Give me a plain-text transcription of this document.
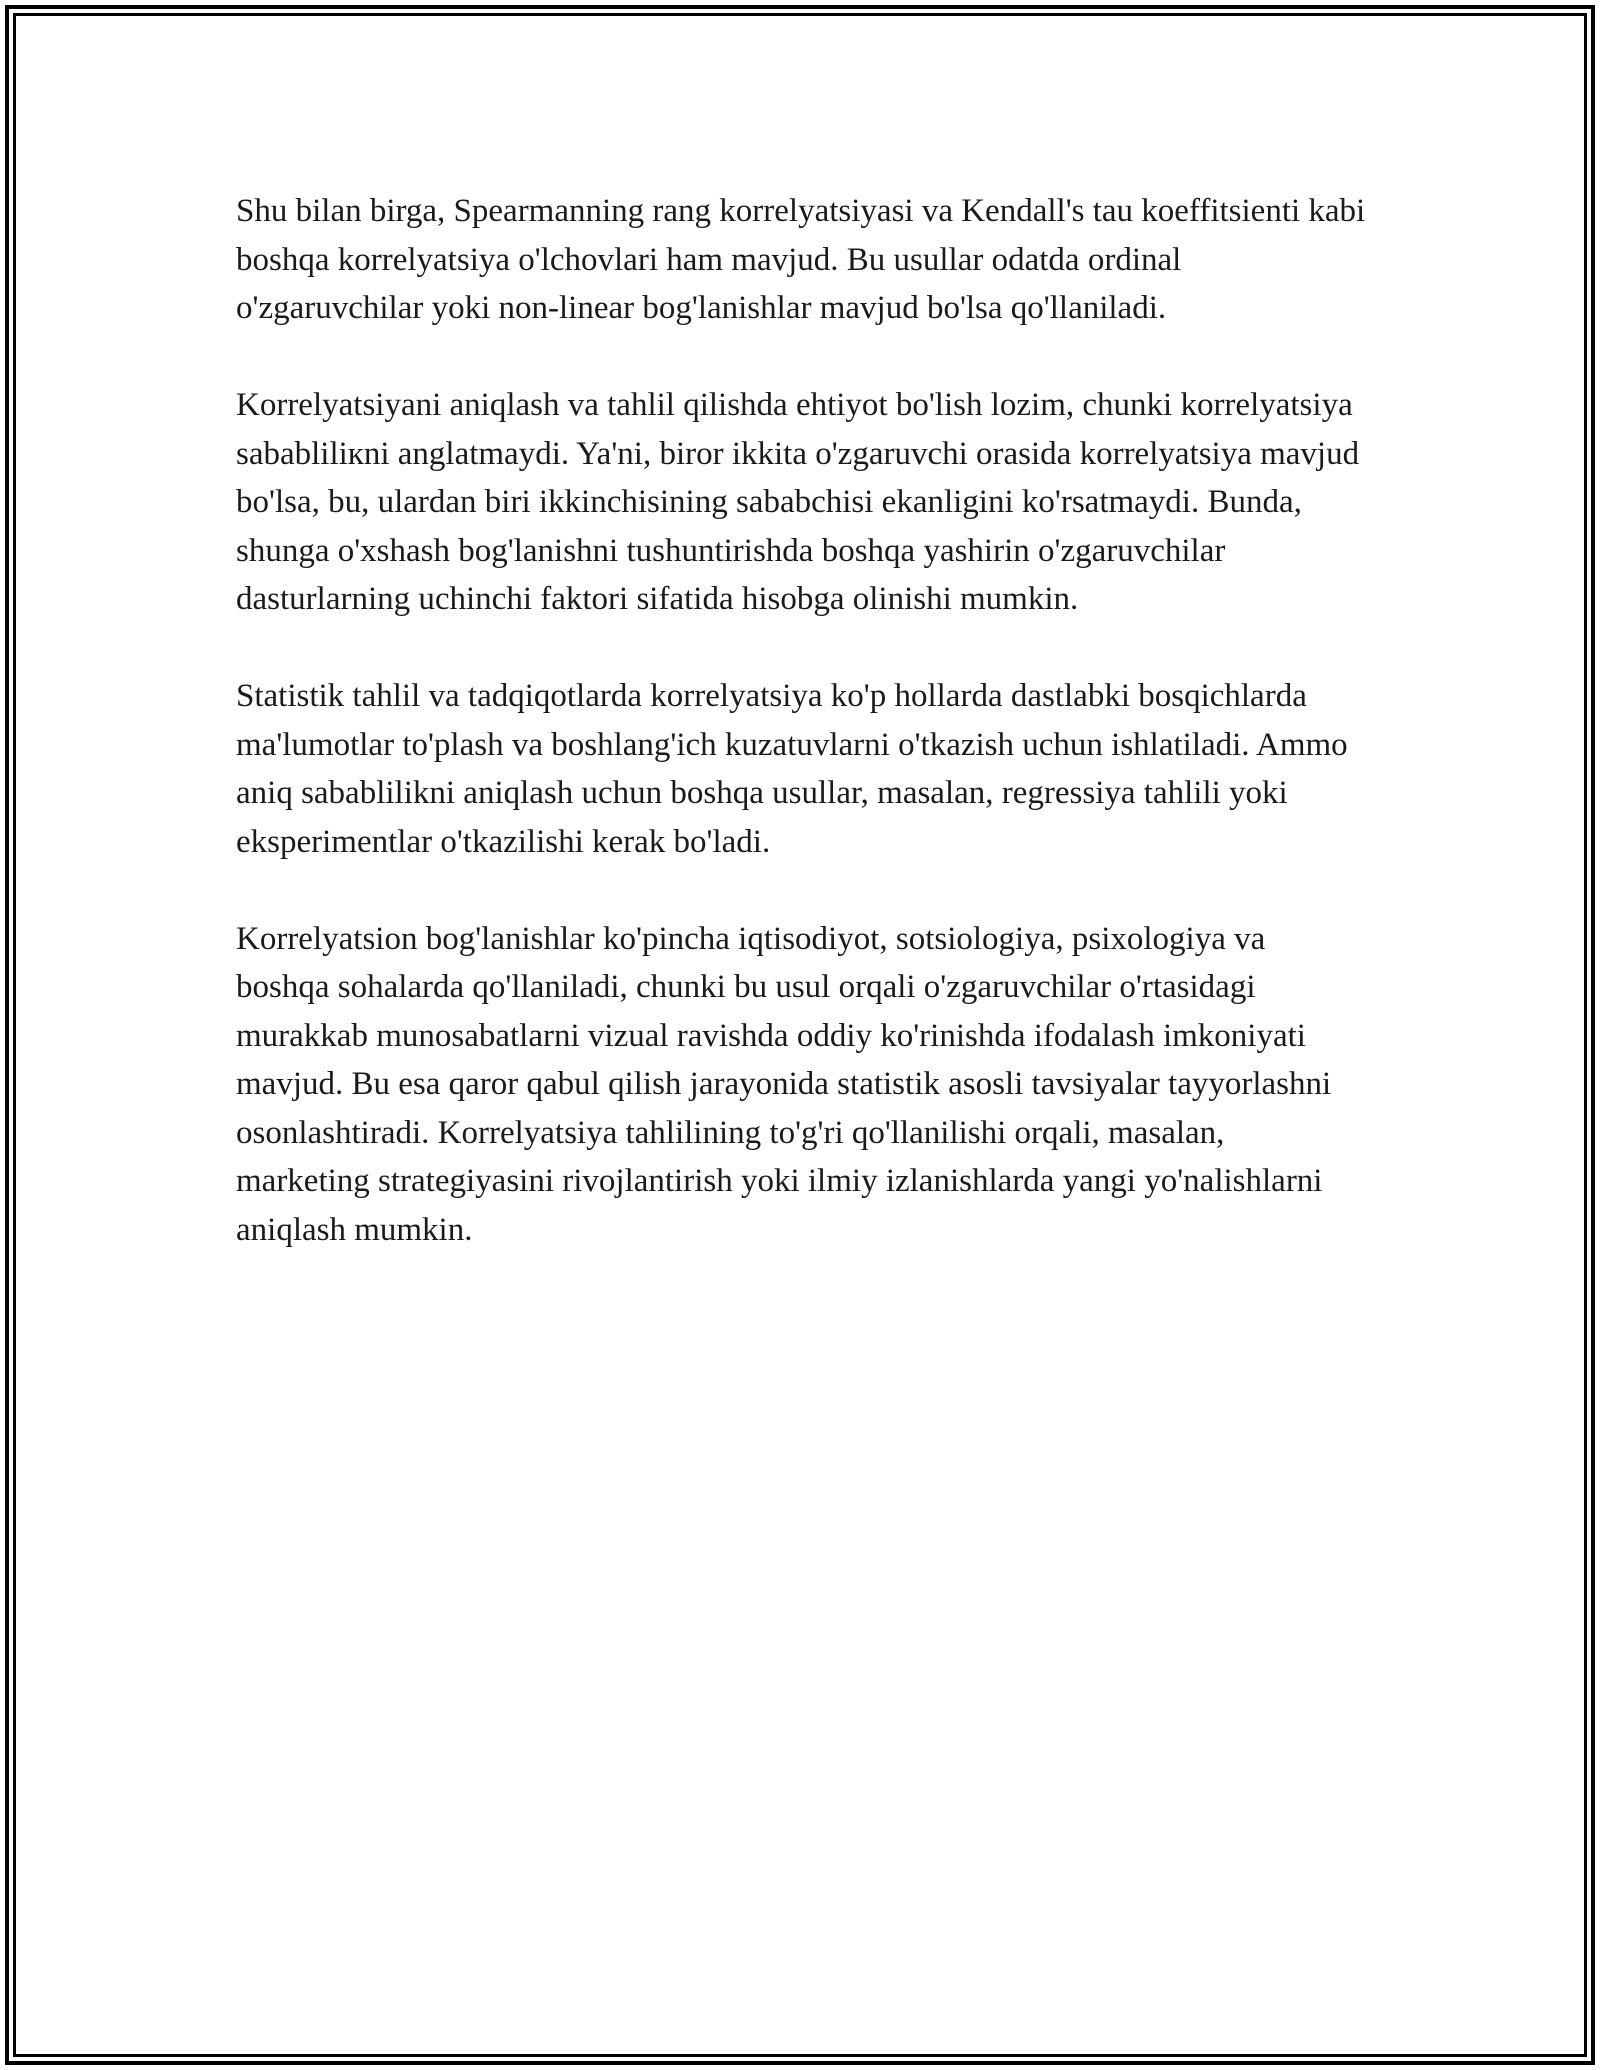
Shu bilan birga, Spearmanning rang korrelyatsiyasi va Kendall's tau koeffitsienti kabi boshqa korrelyatsiya o'lchovlari ham mavjud. Bu usullar odatda ordinal o'zgaruvchilar yoki non-linear bog'lanishlar mavjud bo'lsa qo'llaniladi.

Korrelyatsiyani aniqlash va tahlil qilishda ehtiyot bo'lish lozim, chunki korrelyatsiya sababliliкni anglatmaydi. Ya'ni, biror ikkita o'zgaruvchi orasida korrelyatsiya mavjud bo'lsa, bu, ulardan biri ikkinchisining sababchisi ekanligini ko'rsatmaydi. Bunda, shunga o'xshash bog'lanishni tushuntirishda boshqa yashirin o'zgaruvchilar dasturlarning uchinchi faktori sifatida hisobga olinishi mumkin.

Statistik tahlil va tadqiqotlarda korrelyatsiya ko'p hollarda dastlabki bosqichlarda ma'lumotlar to'plash va boshlang'ich kuzatuvlarni o'tkazish uchun ishlatiladi. Ammo aniq sabablilikni aniqlash uchun boshqa usullar, masalan, regressiya tahlili yoki eksperimentlar o'tkazilishi kerak bo'ladi.

Korrelyatsion bog'lanishlar ko'pincha iqtisodiyot, sotsiologiya, psixologiya va boshqa sohalarda qo'llaniladi, chunki bu usul orqali o'zgaruvchilar o'rtasidagi murakkab munosabatlarni vizual ravishda oddiy ko'rinishda ifodalash imkoniyati mavjud. Bu esa qaror qabul qilish jarayonida statistik asosli tavsiyalar tayyorlashni osonlashtiradi. Korrelyatsiya tahlilining to'g'ri qo'llanilishi orqali, masalan, marketing strategiyasini rivojlantirish yoki ilmiy izlanishlarda yangi yo'nalishlarni aniqlash mumkin.
